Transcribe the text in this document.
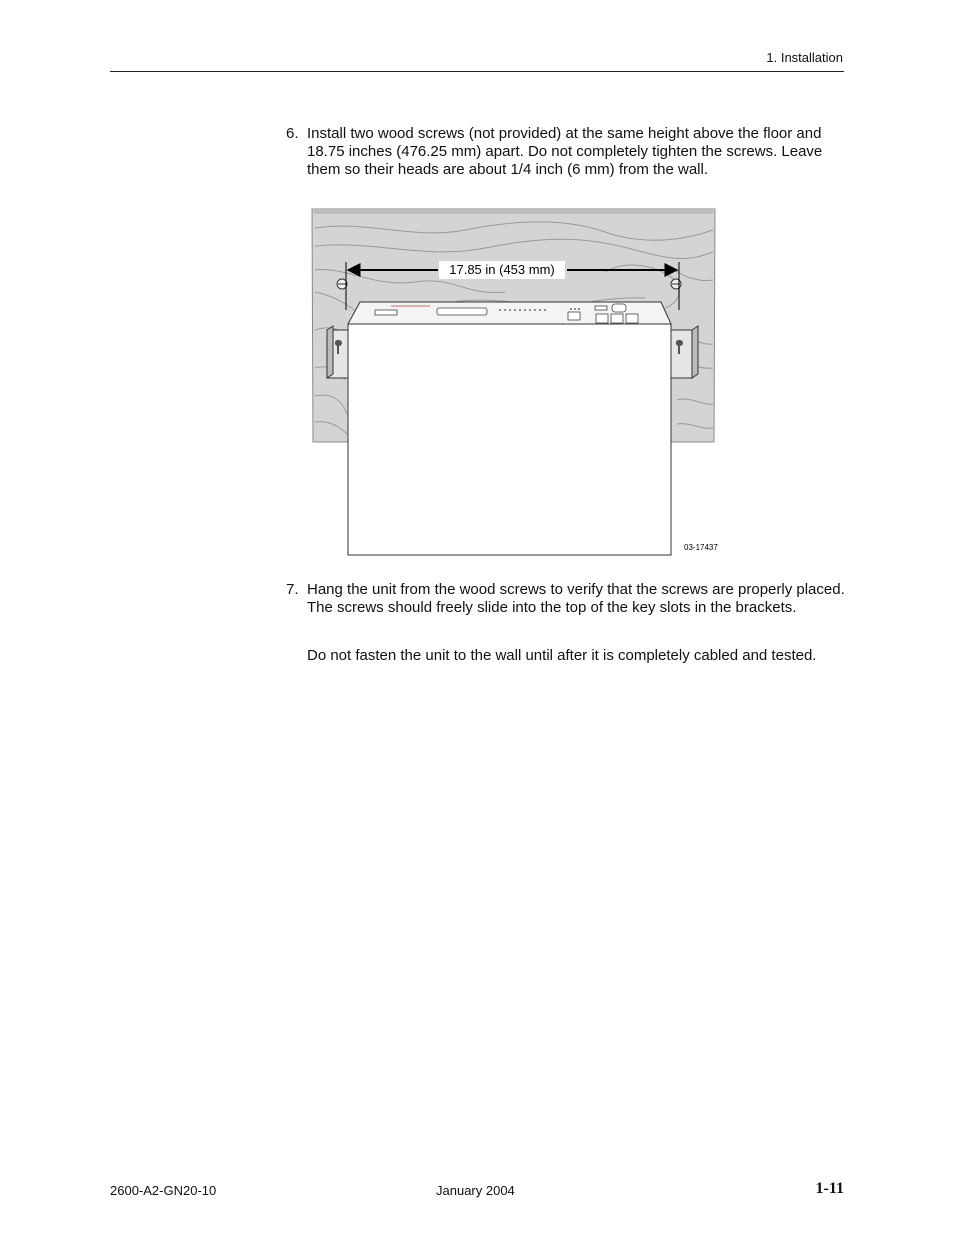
1. Installation
6. Install two wood screws (not provided) at the same height above the floor and 18.75 inches (476.25 mm) apart. Do not completely tighten the screws. Leave them so their heads are about 1/4 inch (6 mm) from the wall.
17.85 in (453 mm)
03-17437
7. Hang the unit from the wood screws to verify that the screws are properly placed. The screws should freely slide into the top of the key slots in the brackets.
Do not fasten the unit to the wall until after it is completely cabled and tested.
2600-A2-GN20-10	January 2004	1-11
